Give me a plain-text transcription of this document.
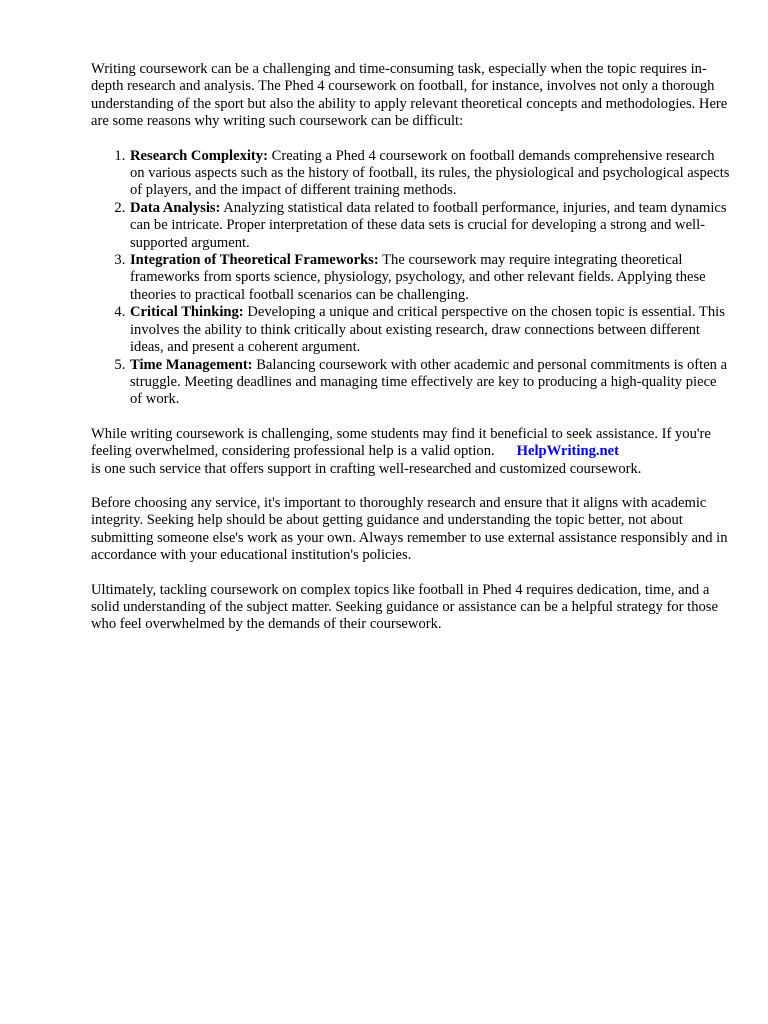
Writing coursework can be a challenging and time-consuming task, especially when the topic requires in-depth research and analysis. The Phed 4 coursework on football, for instance, involves not only a thorough understanding of the sport but also the ability to apply relevant theoretical concepts and methodologies. Here are some reasons why writing such coursework can be difficult:

1. Research Complexity: Creating a Phed 4 coursework on football demands comprehensive research on various aspects such as the history of football, its rules, the physiological and psychological aspects of players, and the impact of different training methods.
2. Data Analysis: Analyzing statistical data related to football performance, injuries, and team dynamics can be intricate. Proper interpretation of these data sets is crucial for developing a strong and well-supported argument.
3. Integration of Theoretical Frameworks: The coursework may require integrating theoretical frameworks from sports science, physiology, psychology, and other relevant fields. Applying these theories to practical football scenarios can be challenging.
4. Critical Thinking: Developing a unique and critical perspective on the chosen topic is essential. This involves the ability to think critically about existing research, draw connections between different ideas, and present a coherent argument.
5. Time Management: Balancing coursework with other academic and personal commitments is often a struggle. Meeting deadlines and managing time effectively are key to producing a high-quality piece of work.

While writing coursework is challenging, some students may find it beneficial to seek assistance. If you're feeling overwhelmed, considering professional help is a valid option. HelpWriting.net
is one such service that offers support in crafting well-researched and customized coursework.

Before choosing any service, it's important to thoroughly research and ensure that it aligns with academic integrity. Seeking help should be about getting guidance and understanding the topic better, not about submitting someone else's work as your own. Always remember to use external assistance responsibly and in accordance with your educational institution's policies.

Ultimately, tackling coursework on complex topics like football in Phed 4 requires dedication, time, and a solid understanding of the subject matter. Seeking guidance or assistance can be a helpful strategy for those who feel overwhelmed by the demands of their coursework.
